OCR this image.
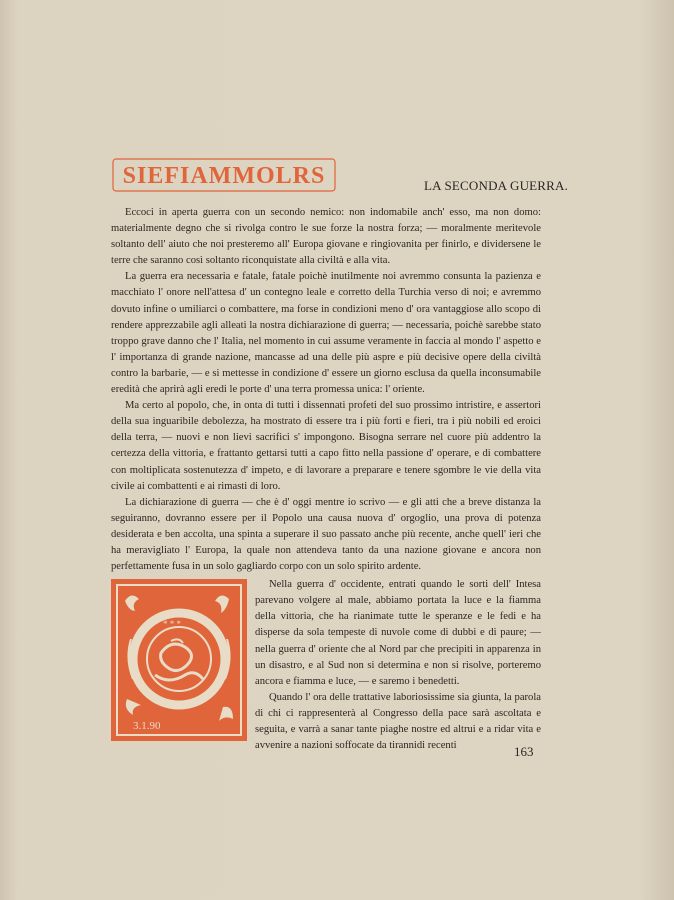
SIEFIAMMOLRS	LA SECONDA GUERRA.

Eccoci in aperta guerra con un secondo nemico: non indomabile anch' esso, ma non domo: materialmente degno che si rivolga contro le sue forze la nostra forza; — moralmente meritevole soltanto dell' aiuto che noi presteremo all' Europa giovane e ringiovanita per finirlo, e dividersene le terre che saranno così soltanto riconquistate alla civiltà e alla vita.

La guerra era necessaria e fatale, fatale poichè inutilmente noi avremmo consunta la pazienza e macchiato l' onore nell'attesa d' un contegno leale e corretto della Turchia verso di noi; e avremmo dovuto infine o umiliarci o combattere, ma forse in condizioni meno d' ora vantaggiose allo scopo di rendere apprezzabile agli alleati la nostra dichiarazione di guerra; — necessaria, poichè sarebbe stato troppo grave danno che l' Italia, nel momento in cui assume veramente in faccia al mondo l' aspetto e l' importanza di grande nazione, mancasse ad una delle più aspre e più decisive opere della civiltà contro la barbarie, — e si mettesse in condizione d' essere un giorno esclusa da quella inconsumabile eredità che aprirà agli eredi le porte d' una terra promessa unica: l' oriente.

Ma certo al popolo, che, in onta di tutti i dissennati profeti del suo prossimo intristire, e assertori della sua inguaribile debolezza, ha mostrato di essere tra i più forti e fieri, tra i più nobili ed eroici della terra, — nuovi e non lievi sacrifici s' impongono. Bisogna serrare nel cuore più addentro la certezza della vittoria, e frattanto gettarsi tutti a capo fitto nella passione d' operare, e di combattere con moltiplicata sostenutezza d' impeto, e di lavorare a preparare e tenere sgombre le vie della vita civile ai combattenti e ai rimasti di loro.

La dichiarazione di guerra — che è d' oggi mentre io scrivo — e gli atti che a breve distanza la seguiranno, dovranno essere per il Popolo una causa nuova d' orgoglio, una prova di potenza desiderata e ben accolta, una spinta a superare il suo passato anche più recente, anche quell' ieri che ha meravigliato l' Europa, la quale non attendeva tanto da una nazione giovane e ancora non perfettamente fusa in un solo gagliardo corpo con un solo spirito ardente.

* * *
3.1.90

Nella guerra d' occidente, entrati quando le sorti dell' Intesa parevano volgere al male, abbiamo portata la luce e la fiamma della vittoria, che ha rianimate tutte le speranze e le fedi e ha disperse da sola tempeste di nuvole come di dubbi e di paure; — nella guerra d' oriente che al Nord par che precipiti in apparenza in un disastro, e al Sud non si determina e non si risolve, porteremo ancora e fiamma e luce, — e saremo i benedetti.

Quando l' ora delle trattative laboriosissime sia giunta, la parola di chi ci rappresenterà al Congresso della pace sarà ascoltata e seguita, e varrà a sanar tante piaghe nostre ed altrui e a ridar vita e avvenire a nazioni soffocate da tirannidi recenti	163
